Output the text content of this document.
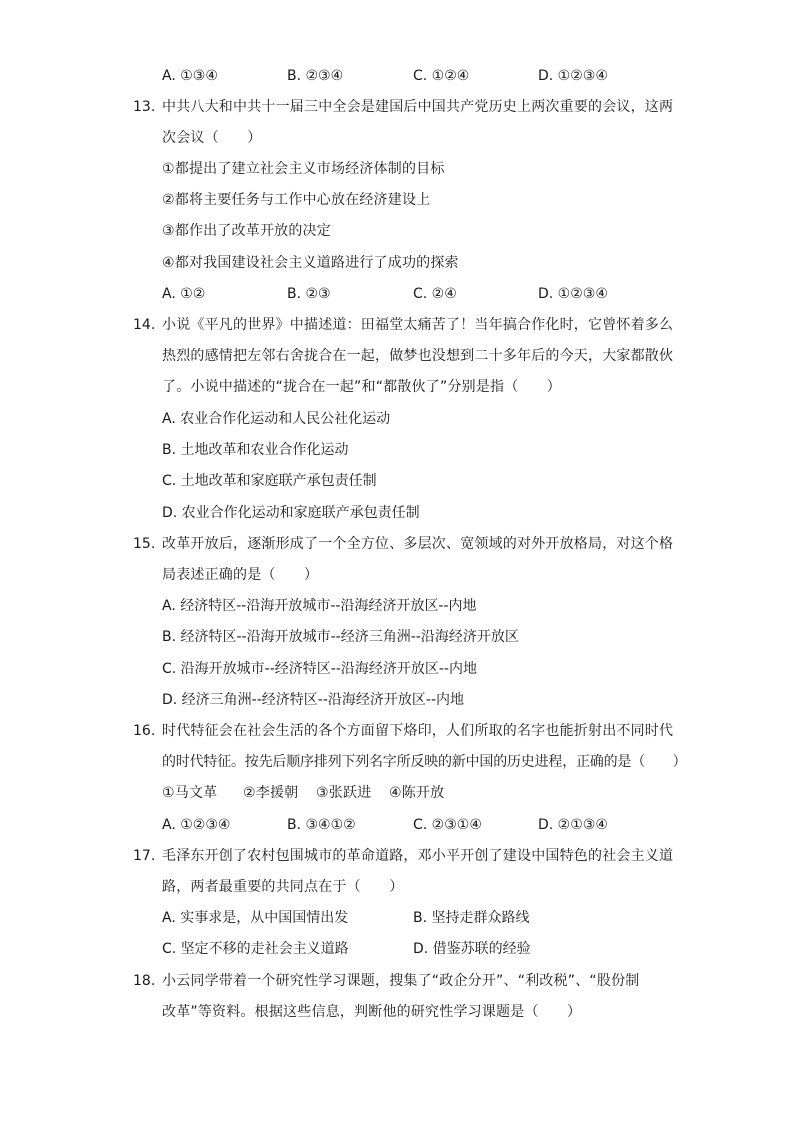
A. ①③④	B. ②③④	C. ①②④	D. ①②③④
13. 中共八大和中共十一届三中全会是建国后中国共产党历史上两次重要的会议，这两
次会议（　　）
①都提出了建立社会主义市场经济体制的目标
②都将主要任务与工作中心放在经济建设上
③都作出了改革开放的决定
④都对我国建设社会主义道路进行了成功的探索
A. ①②	B. ②③	C. ②④	D. ①②③④
14. 小说《平凡的世界》中描述道：田福堂太痛苦了！当年搞合作化时，它曾怀着多么
热烈的感情把左邻右舍拢合在一起，做梦也没想到二十多年后的今天，大家都散伙
了。小说中描述的“拢合在一起”和“都散伙了”分别是指（　　）
A. 农业合作化运动和人民公社化运动
B. 土地改革和农业合作化运动
C. 土地改革和家庭联产承包责任制
D. 农业合作化运动和家庭联产承包责任制
15. 改革开放后，逐渐形成了一个全方位、多层次、宽领域的对外开放格局，对这个格
局表述正确的是（　　）
A. 经济特区--沿海开放城市--沿海经济开放区--内地
B. 经济特区--沿海开放城市--经济三角洲--沿海经济开放区
C. 沿海开放城市--经济特区--沿海经济开放区--内地
D. 经济三角洲--经济特区--沿海经济开放区--内地
16. 时代特征会在社会生活的各个方面留下烙印，人们所取的名字也能折射出不同时代
的时代特征。按先后顺序排列下列名字所反映的新中国的历史进程，正确的是（　　）
①马文革 ②李援朝 ③张跃进 ④陈开放
A. ①②③④	B. ③④①②	C. ②③①④	D. ②①③④
17. 毛泽东开创了农村包围城市的革命道路，邓小平开创了建设中国特色的社会主义道
路，两者最重要的共同点在于（　　）
A. 实事求是，从中国国情出发	B. 坚持走群众路线
C. 坚定不移的走社会主义道路	D. 借鉴苏联的经验
18. 小云同学带着一个研究性学习课题，搜集了“政企分开”、“利改税”、“股份制
改革”等资料。根据这些信息，判断他的研究性学习课题是（　　）
